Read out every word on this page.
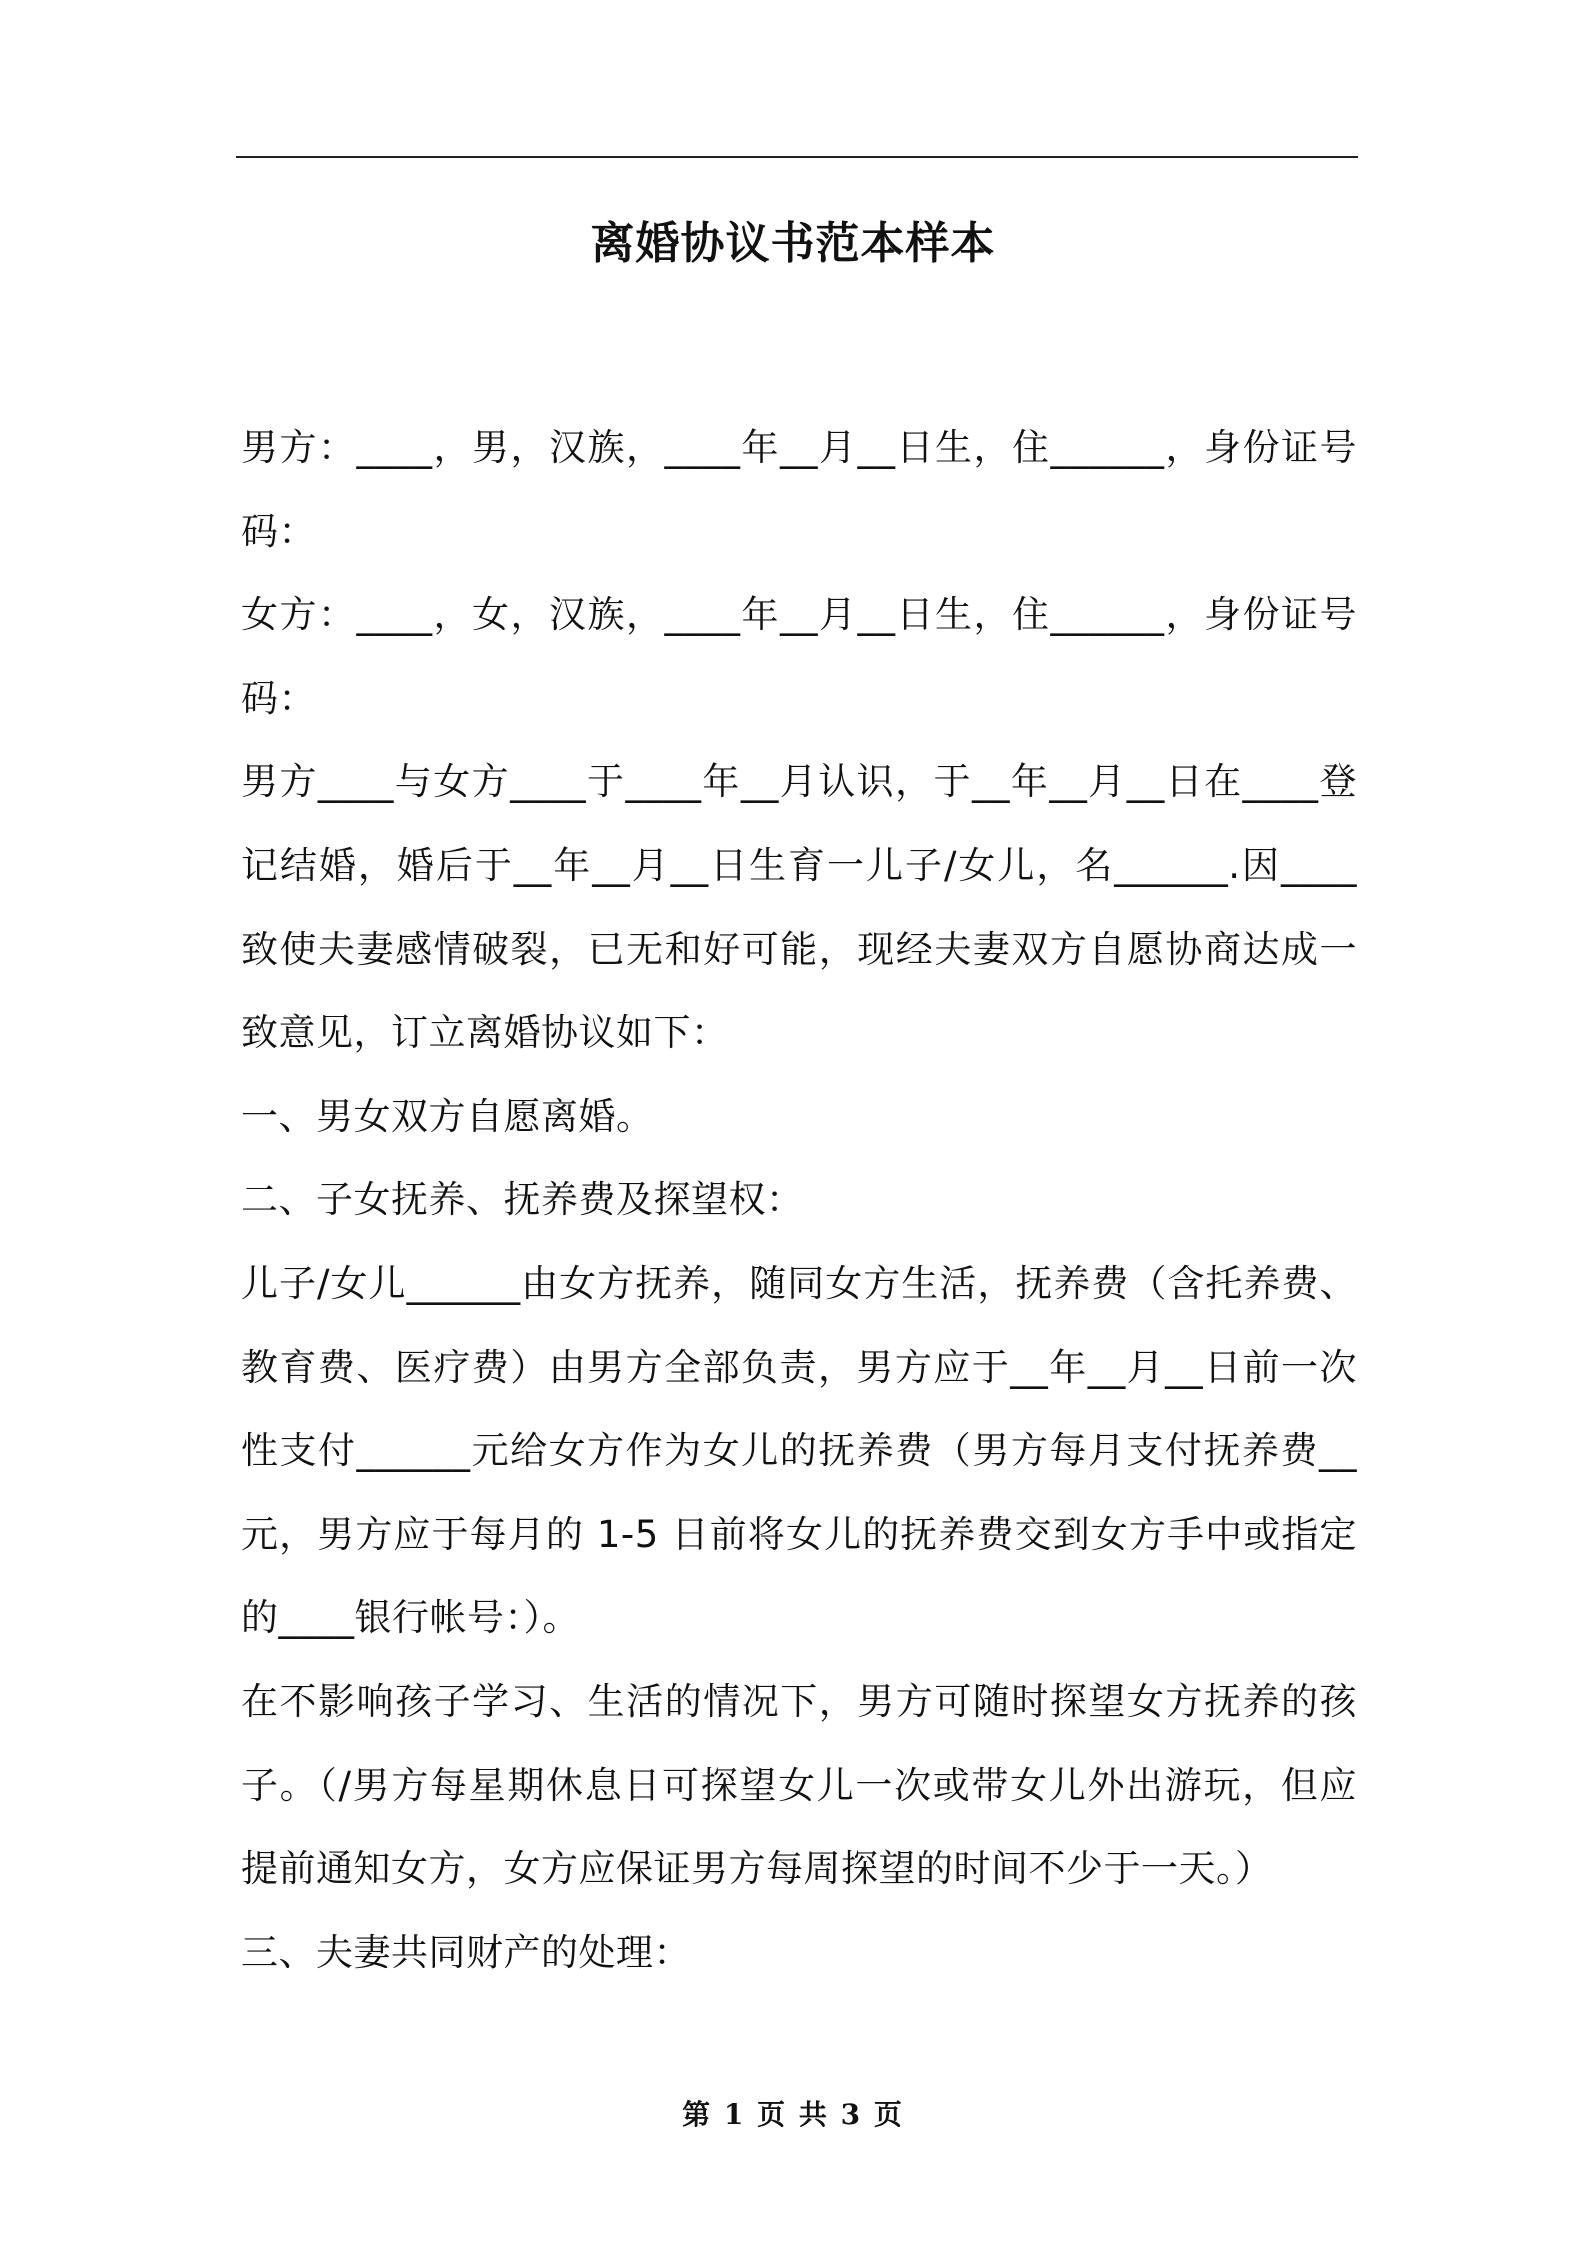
离婚协议书范本样本

男方：____，男，汉族，____年__月__日生，住______，身份证号码：

女方：____，女，汉族，____年__月__日生，住______，身份证号码：

男方____与女方____于____年__月认识，于__年__月__日在____登记结婚，婚后于__年__月__日生育一儿子/女儿，名______.因____致使夫妻感情破裂，已无和好可能，现经夫妻双方自愿协商达成一致意见，订立离婚协议如下：

一、男女双方自愿离婚。

二、子女抚养、抚养费及探望权：

儿子/女儿______由女方抚养，随同女方生活，抚养费（含托养费、教育费、医疗费）由男方全部负责，男方应于__年__月__日前一次性支付______元给女方作为女儿的抚养费（男方每月支付抚养费__元，男方应于每月的 1-5 日前将女儿的抚养费交到女方手中或指定的____银行帐号：）。

在不影响孩子学习、生活的情况下，男方可随时探望女方抚养的孩子。（/男方每星期休息日可探望女儿一次或带女儿外出游玩，但应提前通知女方，女方应保证男方每周探望的时间不少于一天。）

三、夫妻共同财产的处理：

第 1 页 共 3 页
